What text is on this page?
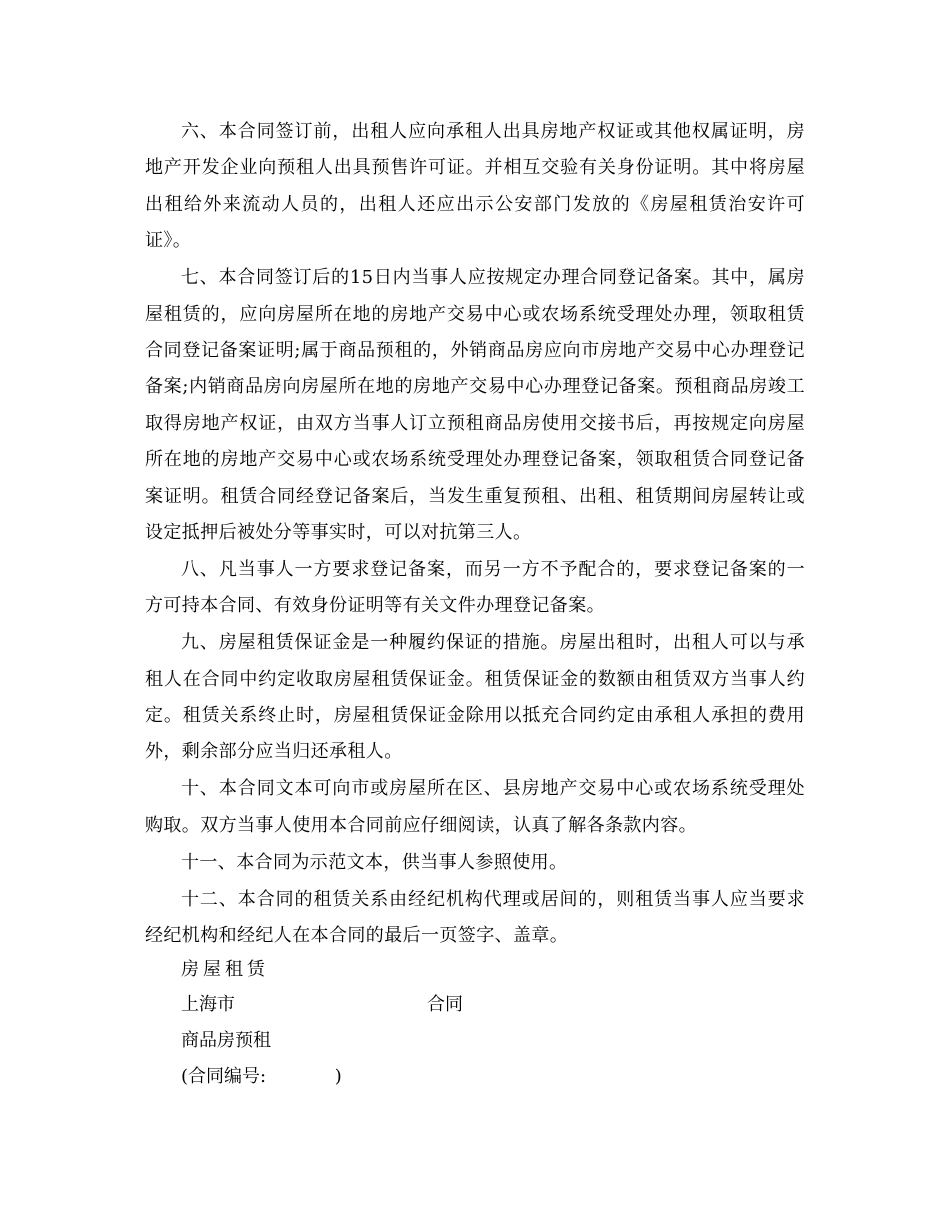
六、本合同签订前，出租人应向承租人出具房地产权证或其他权属证明，房地产开发企业向预租人出具预售许可证。并相互交验有关身份证明。其中将房屋出租给外来流动人员的，出租人还应出示公安部门发放的《房屋租赁治安许可证》。

七、本合同签订后的15日内当事人应按规定办理合同登记备案。其中，属房屋租赁的，应向房屋所在地的房地产交易中心或农场系统受理处办理，领取租赁合同登记备案证明;属于商品预租的，外销商品房应向市房地产交易中心办理登记备案;内销商品房向房屋所在地的房地产交易中心办理登记备案。预租商品房竣工取得房地产权证，由双方当事人订立预租商品房使用交接书后，再按规定向房屋所在地的房地产交易中心或农场系统受理处办理登记备案，领取租赁合同登记备案证明。租赁合同经登记备案后，当发生重复预租、出租、租赁期间房屋转让或设定抵押后被处分等事实时，可以对抗第三人。

八、凡当事人一方要求登记备案，而另一方不予配合的，要求登记备案的一方可持本合同、有效身份证明等有关文件办理登记备案。

九、房屋租赁保证金是一种履约保证的措施。房屋出租时，出租人可以与承租人在合同中约定收取房屋租赁保证金。租赁保证金的数额由租赁双方当事人约定。租赁关系终止时，房屋租赁保证金除用以抵充合同约定由承租人承担的费用外，剩余部分应当归还承租人。

十、本合同文本可向市或房屋所在区、县房地产交易中心或农场系统受理处购取。双方当事人使用本合同前应仔细阅读，认真了解各条款内容。

十一、本合同为示范文本，供当事人参照使用。

十二、本合同的租赁关系由经纪机构代理或居间的，则租赁当事人应当要求经纪机构和经纪人在本合同的最后一页签字、盖章。

房屋租赁
上海市	合同
商品房预租
(合同编号:            )
